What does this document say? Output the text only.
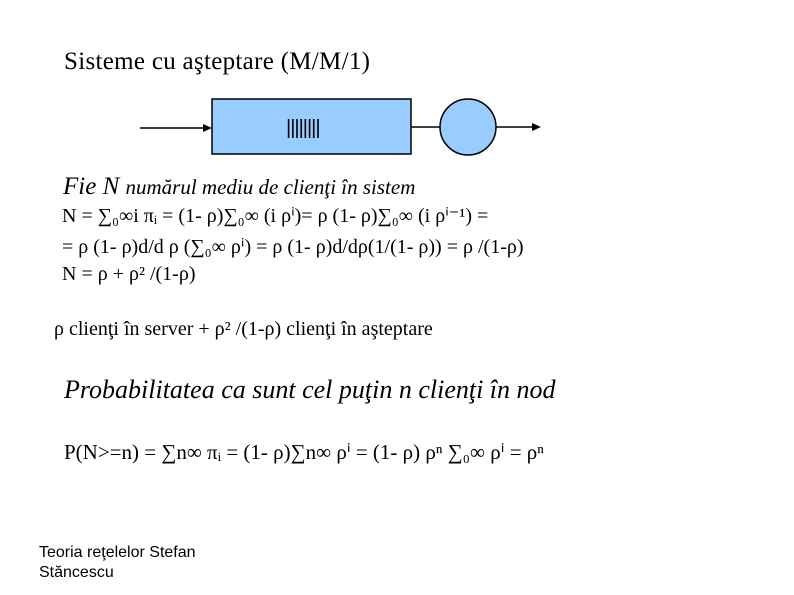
Sisteme cu aşteptare (M/M/1)
||||||||
Fie N numărul mediu de clienţi în sistem
N = ∑₀∞i πᵢ = (1- ρ)∑₀∞ (i ρⁱ)= ρ (1- ρ)∑₀∞ (i ρⁱ⁻¹) =
= ρ (1- ρ)d/d ρ (∑₀∞ ρⁱ) = ρ (1- ρ)d/dρ(1/(1- ρ)) = ρ /(1-ρ)
N = ρ + ρ² /(1-ρ)
ρ clienţi în server + ρ² /(1-ρ) clienţi în aşteptare
Probabilitatea ca sunt cel puţin n clienţi în nod
P(N>=n) = ∑n∞ πᵢ = (1- ρ)∑n∞ ρⁱ = (1- ρ) ρⁿ ∑₀∞ ρⁱ = ρⁿ
Teoria reţelelor Stefan
Stăncescu
